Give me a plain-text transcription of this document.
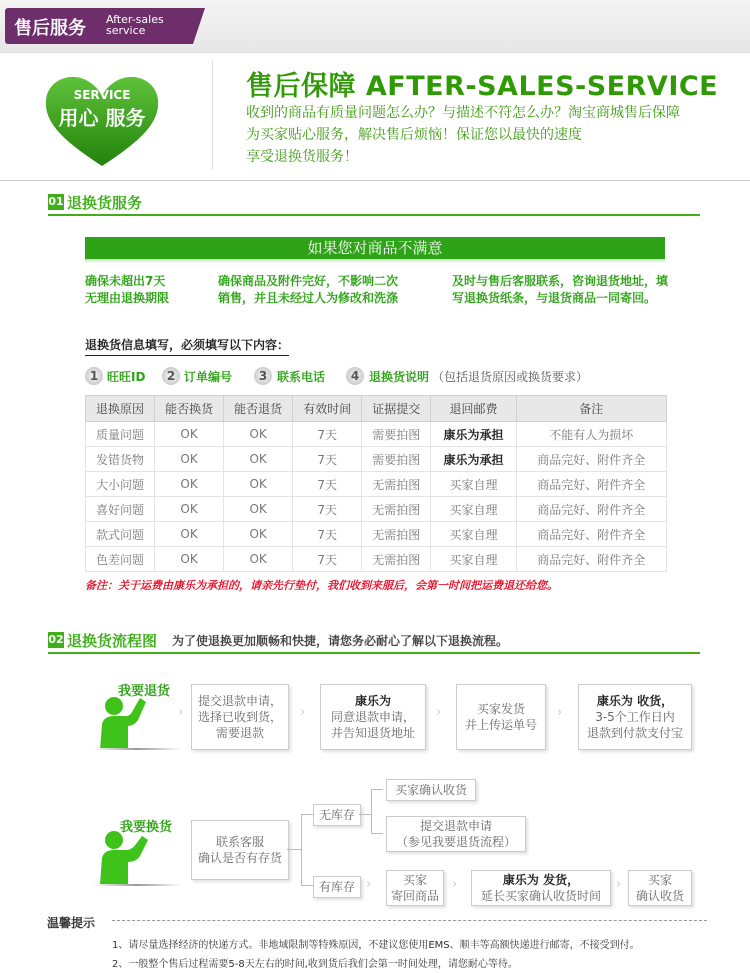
售后服务 After-sales
service
SERVICE
用心 服务
售后保障 AFTER-SALES-SERVICE
收到的商品有质量问题怎么办？与描述不符怎么办？淘宝商城售后保障
为买家贴心服务，解决售后烦恼！保证您以最快的速度
享受退换货服务！
01 退换货服务
如果您对商品不满意
确保未超出7天
无理由退换期限
确保商品及附件完好，不影响二次
销售，并且未经过人为修改和洗涤
及时与售后客服联系，咨询退货地址，填
写退换货纸条，与退货商品一同寄回。
退换货信息填写，必须填写以下内容：
1 旺旺ID	2 订单编号	3 联系电话	4 退换货说明 （包括退货原因或换货要求）
退换原因	能否换货	能否退货	有效时间	证据提交	退回邮费	备注
质量问题	OK	OK	7天	需要拍图	康乐为承担	不能有人为损坏
发错货物	OK	OK	7天	需要拍图	康乐为承担	商品完好、附件齐全
大小问题	OK	OK	7天	无需拍图	买家自理	商品完好、附件齐全
喜好问题	OK	OK	7天	无需拍图	买家自理	商品完好、附件齐全
款式问题	OK	OK	7天	无需拍图	买家自理	商品完好、附件齐全
色差问题	OK	OK	7天	无需拍图	买家自理	商品完好、附件齐全
备注：关于运费由康乐为承担的，请亲先行垫付，我们收到来服后，会第一时间把运费退还给您。
02 退换货流程图 为了使退换更加顺畅和快捷，请您务必耐心了解以下退换流程。
我要退货
›
提交退款申请，
选择已收到货，
需要退款
›
康乐为
同意退款申请，
并告知退货地址
›	买家发货
并上传运单号
›
康乐为 收货，
3-5个工作日内
退款到付款支付宝
我要换货
联系客服
确认是否有存货
无库存
有库存
买家确认收货
提交退款申请
（参见我要退货流程）
›	买家
寄回商品
›	康乐为 发货，
延长买家确认收货时间
›	买家
确认收货
温馨提示
1、请尽量选择经济的快递方式。非地域限制等特殊原因，不建议您使用EMS、顺丰等高额快递进行邮寄，不接受到付。
2、一般整个售后过程需要5-8天左右的时间,收到货后我们会第一时间处理，请您耐心等待。
